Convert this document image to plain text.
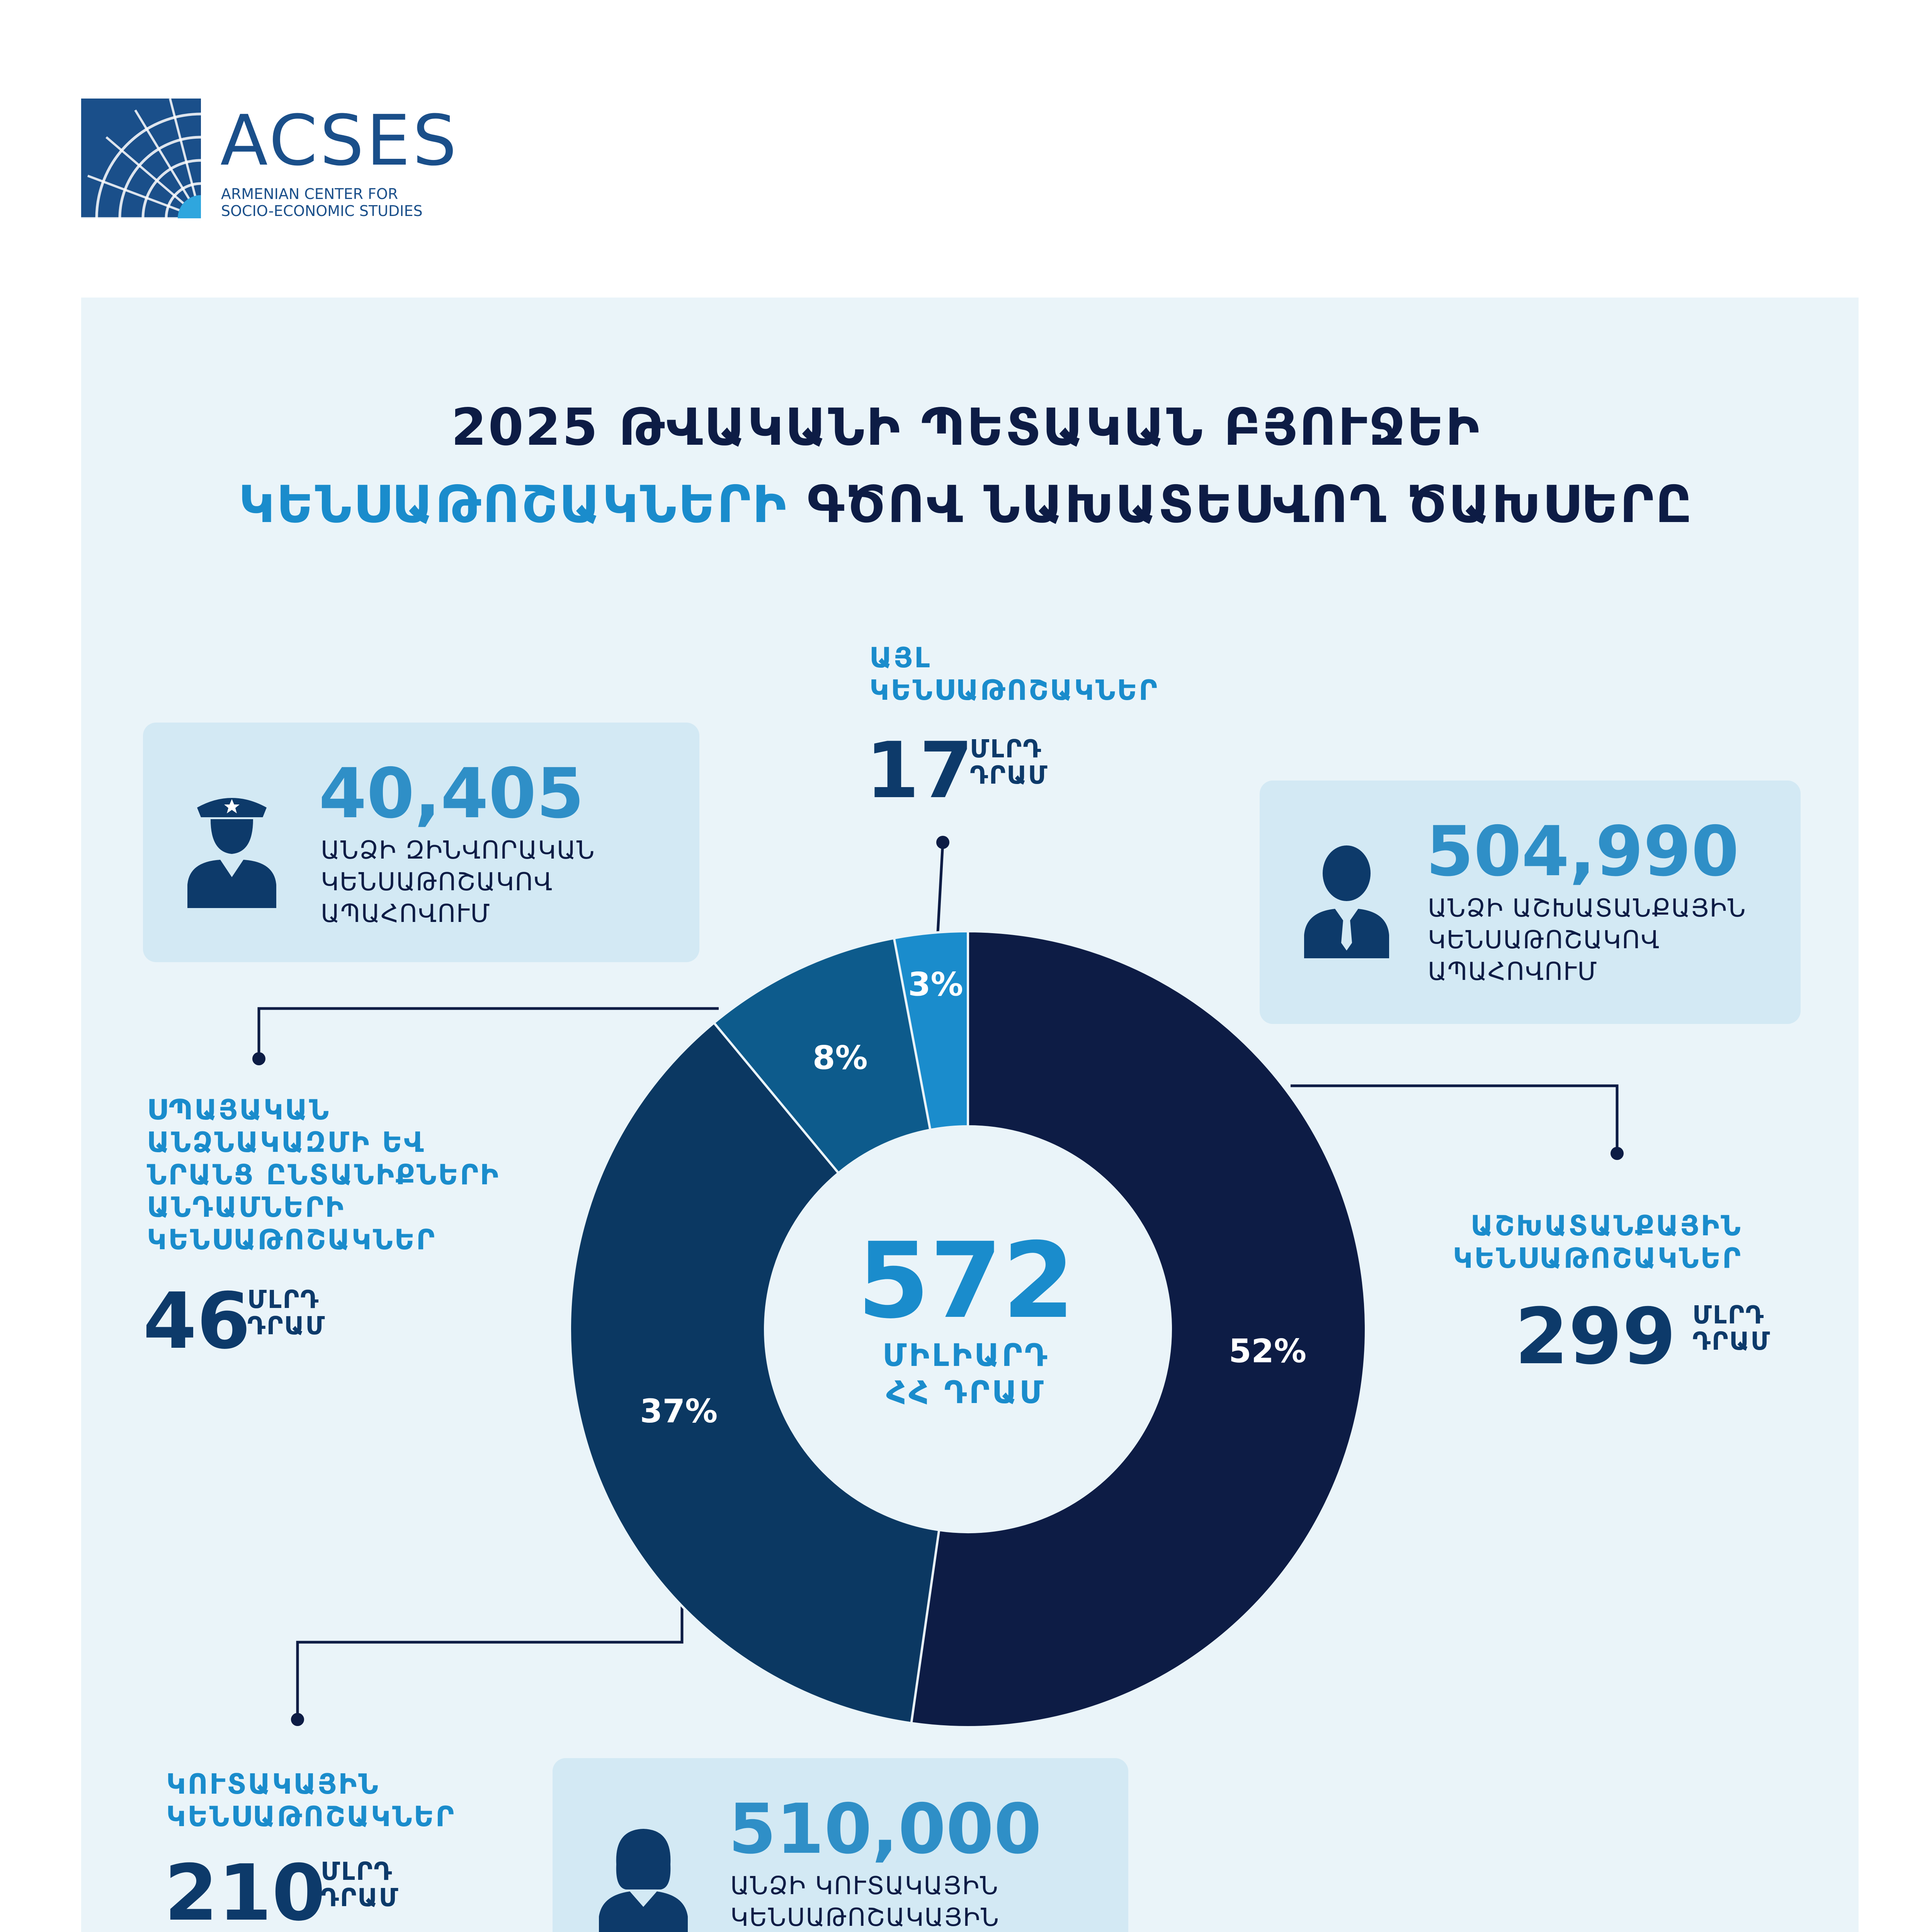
ACSES
ARMENIAN CENTER FOR
SOCIO-ECONOMIC STUDIES
2025 ԹՎԱԿԱՆԻ ՊԵՏԱԿԱՆ ԲՅՈՒՋԵԻ
ԿԵՆՍԱԹՈՇԱԿՆԵՐԻ ԳԾՈՎ ՆԱԽԱՏԵՍՎՈՂ ԾԱԽՍԵՐԸ
40,405
ԱՆՁԻ ԶԻՆՎՈՐԱԿԱՆ
ԿԵՆՍԱԹՈՇԱԿՈՎ
ԱՊԱՀՈՎՈՒՄ
504,990
ԱՆՁԻ ԱՇԽԱՏԱՆՔԱՅԻՆ
ԿԵՆՍԱԹՈՇԱԿՈՎ
ԱՊԱՀՈՎՈՒՄ
510,000
ԱՆՁԻ ԿՈՒՏԱԿԱՅԻՆ
ԿԵՆՍԱԹՈՇԱԿԱՅԻՆ
52%
37%
8%
3%
572
ՄԻԼԻԱՐԴ
ՀՀ ԴՐԱՄ
ԱՅԼ
ԿԵՆՍԱԹՈՇԱԿՆԵՐ
17
ՄԼՐԴ
ԴՐԱՄ
ՍՊԱՅԱԿԱՆ
ԱՆՁՆԱԿԱԶՄԻ ԵՎ
ՆՐԱՆՑ ԸՆՏԱՆԻՔՆԵՐԻ
ԱՆԴԱՄՆԵՐԻ
ԿԵՆՍԱԹՈՇԱԿՆԵՐ
46
ՄԼՐԴ
ԴՐԱՄ
ԱՇԽԱՏԱՆՔԱՅԻՆ
ԿԵՆՍԱԹՈՇԱԿՆԵՐ
299 ՄԼՐԴ
ԴՐԱՄ
ԿՈՒՏԱԿԱՅԻՆ
ԿԵՆՍԱԹՈՇԱԿՆԵՐ
210
ՄԼՐԴ
ԴՐԱՄ
